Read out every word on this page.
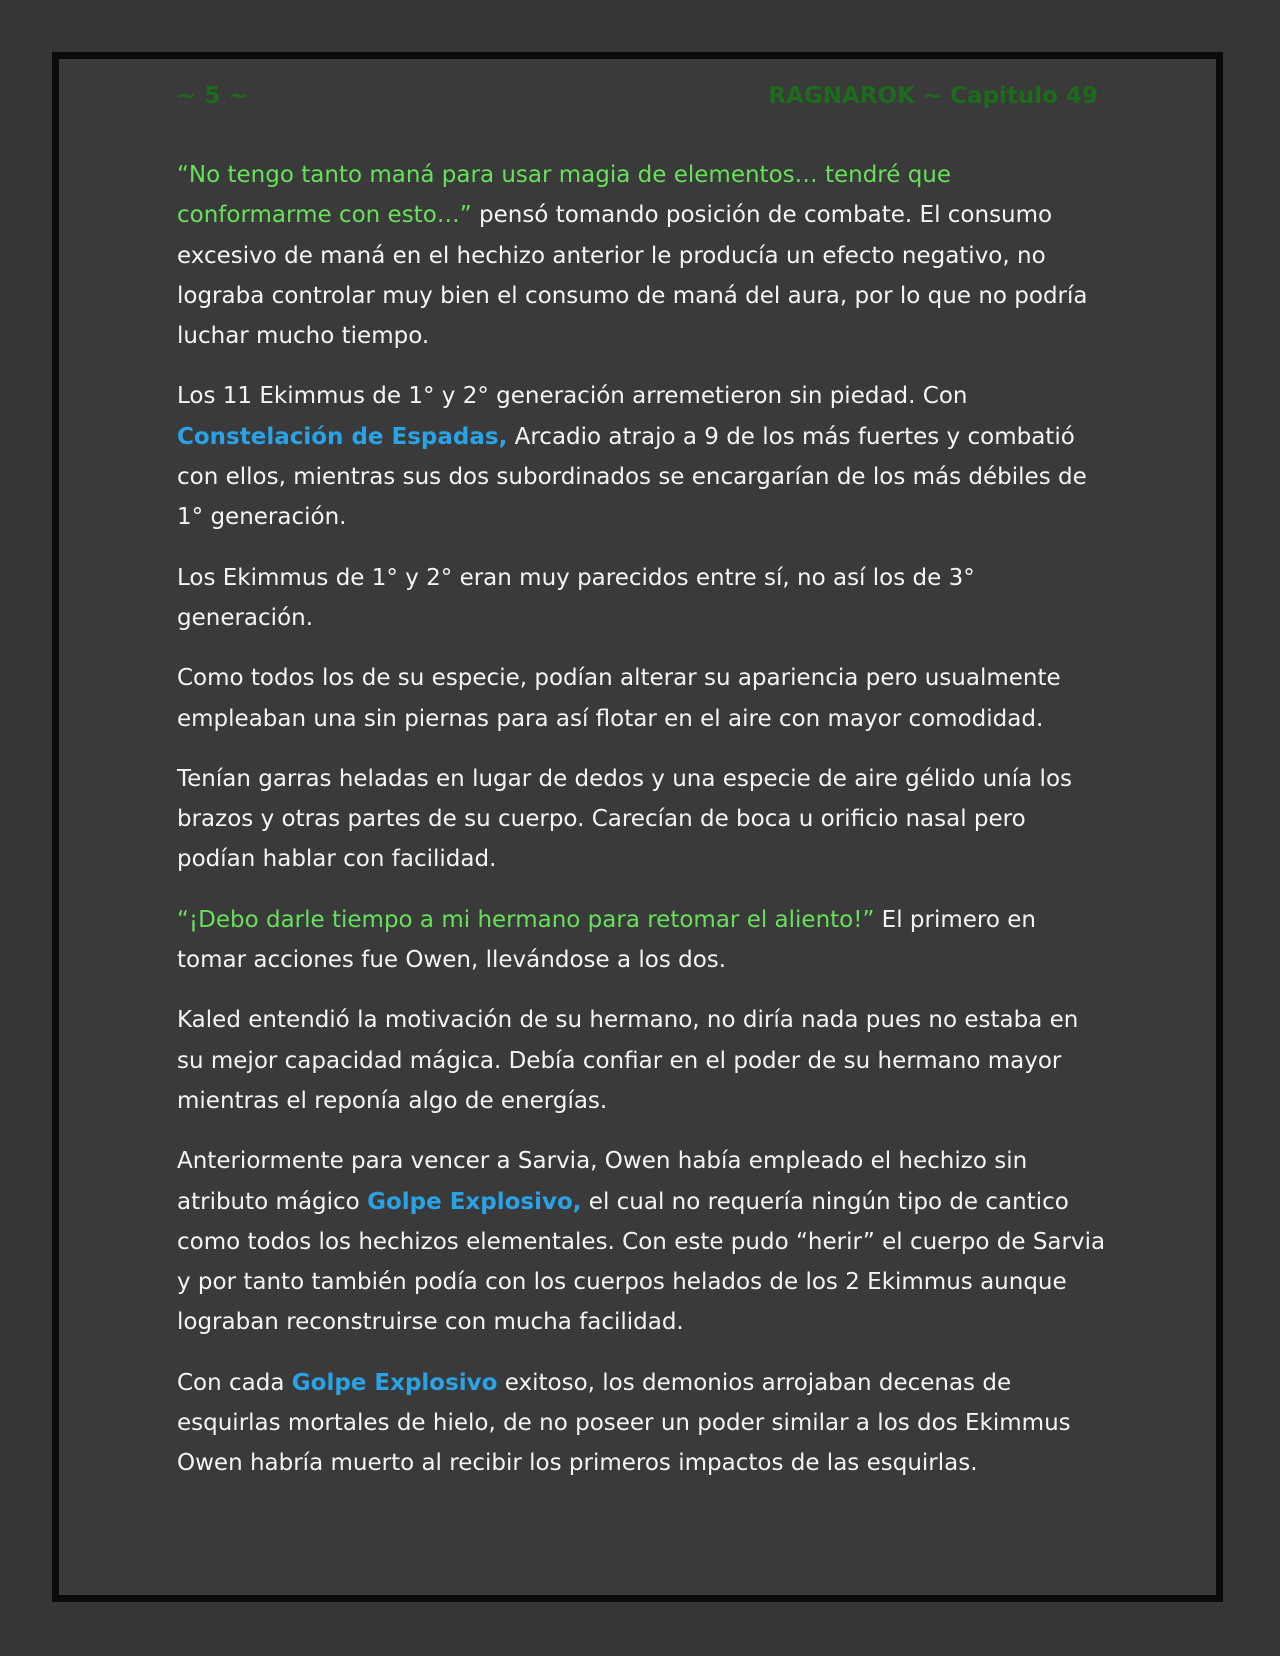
~ 5 ~	RAGNAROK ~ Capitulo 49

“No tengo tanto maná para usar magia de elementos… tendré que conformarme con esto…” pensó tomando posición de combate. El consumo excesivo de maná en el hechizo anterior le producía un efecto negativo, no lograba controlar muy bien el consumo de maná del aura, por lo que no podría luchar mucho tiempo.

Los 11 Ekimmus de 1° y 2° generación arremetieron sin piedad. Con Constelación de Espadas, Arcadio atrajo a 9 de los más fuertes y combatió con ellos, mientras sus dos subordinados se encargarían de los más débiles de 1° generación.

Los Ekimmus de 1° y 2° eran muy parecidos entre sí, no así los de 3° generación.

Como todos los de su especie, podían alterar su apariencia pero usualmente empleaban una sin piernas para así flotar en el aire con mayor comodidad.

Tenían garras heladas en lugar de dedos y una especie de aire gélido unía los brazos y otras partes de su cuerpo. Carecían de boca u orificio nasal pero podían hablar con facilidad.

“¡Debo darle tiempo a mi hermano para retomar el aliento!” El primero en tomar acciones fue Owen, llevándose a los dos.

Kaled entendió la motivación de su hermano, no diría nada pues no estaba en su mejor capacidad mágica. Debía confiar en el poder de su hermano mayor mientras el reponía algo de energías.

Anteriormente para vencer a Sarvia, Owen había empleado el hechizo sin atributo mágico Golpe Explosivo, el cual no requería ningún tipo de cantico como todos los hechizos elementales. Con este pudo “herir” el cuerpo de Sarvia y por tanto también podía con los cuerpos helados de los 2 Ekimmus aunque lograban reconstruirse con mucha facilidad.

Con cada Golpe Explosivo exitoso, los demonios arrojaban decenas de esquirlas mortales de hielo, de no poseer un poder similar a los dos Ekimmus Owen habría muerto al recibir los primeros impactos de las esquirlas.
